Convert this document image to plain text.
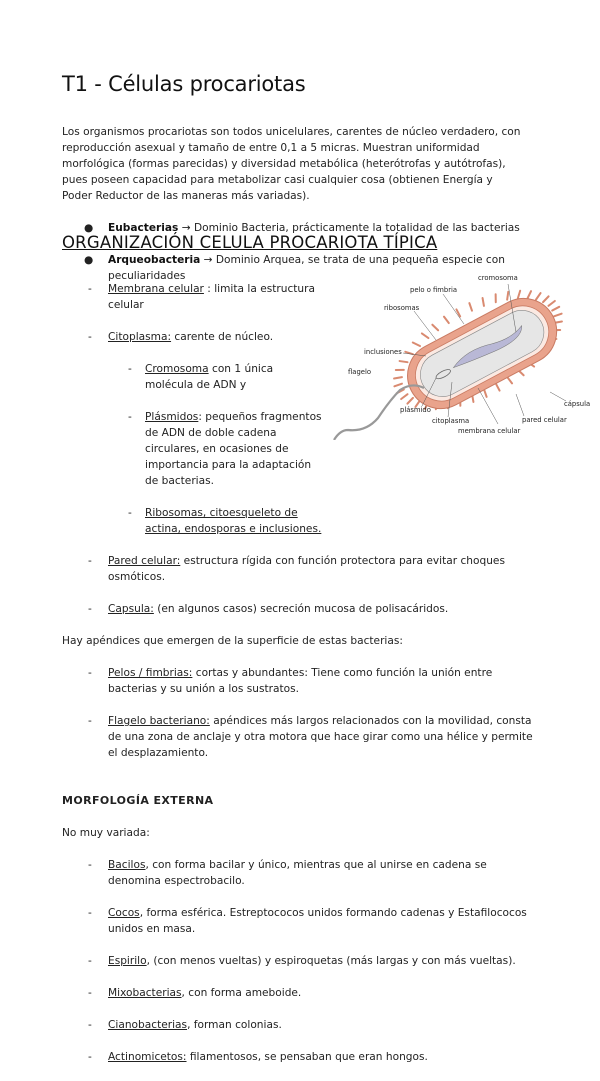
T1 - Células procariotas

Los organismos procariotas son todos unicelulares, carentes de núcleo verdadero, con
reproducción asexual y tamaño de entre 0,1 a 5 micras. Muestran uniformidad
morfológica (formas parecidas) y diversidad metabólica (heterótrofas y autótrofas),
pues poseen capacidad para metabolizar casi cualquier cosa (obtienen Energía y
Poder Reductor de las maneras más variadas).

● Eubacterias → Dominio Bacteria, prácticamente la totalidad de las bacterias

● Arqueobacteria → Dominio Arquea, se trata de una pequeña especie con
peculiaridades

ORGANIZACIÓN CELULA PROCARIOTA TÍPICA

- Membrana celular : limita la estructura
celular

- Citoplasma: carente de núcleo.

- Cromosoma con 1 única
molécula de ADN y

- Plásmidos: pequeños fragmentos
de ADN de doble cadena
circulares, en ocasiones de
importancia para la adaptación
de bacterias.

- Ribosomas, citoesqueleto de
actina, endosporas e inclusiones.

- Pared celular: estructura rígida con función protectora para evitar choques
osmóticos.

- Capsula: (en algunos casos) secreción mucosa de polisacáridos.

Hay apéndices que emergen de la superficie de estas bacterias:

- Pelos / fimbrias: cortas y abundantes: Tiene como función la unión entre
bacterias y su unión a los sustratos.

- Flagelo bacteriano: apéndices más largos relacionados con la movilidad, consta
de una zona de anclaje y otra motora que hace girar como una hélice y permite
el desplazamiento.

MORFOLOGÍA EXTERNA

No muy variada:

- Bacilos, con forma bacilar y único, mientras que al unirse en cadena se
denomina espectrobacilo.

- Cocos, forma esférica. Estreptococos unidos formando cadenas y Estafilococos
unidos en masa.

- Espirilo, (con menos vueltas) y espiroquetas (más largas y con más vueltas).

- Mixobacterias, con forma ameboide.

- Cianobacterias, forman colonias.

- Actinomicetos: filamentosos, se pensaban que eran hongos.

cromosoma
pelo o fimbria
ribosomas
inclusiones
flagelo
cápsula
pared celular
plásmido
citoplasma
membrana celular
